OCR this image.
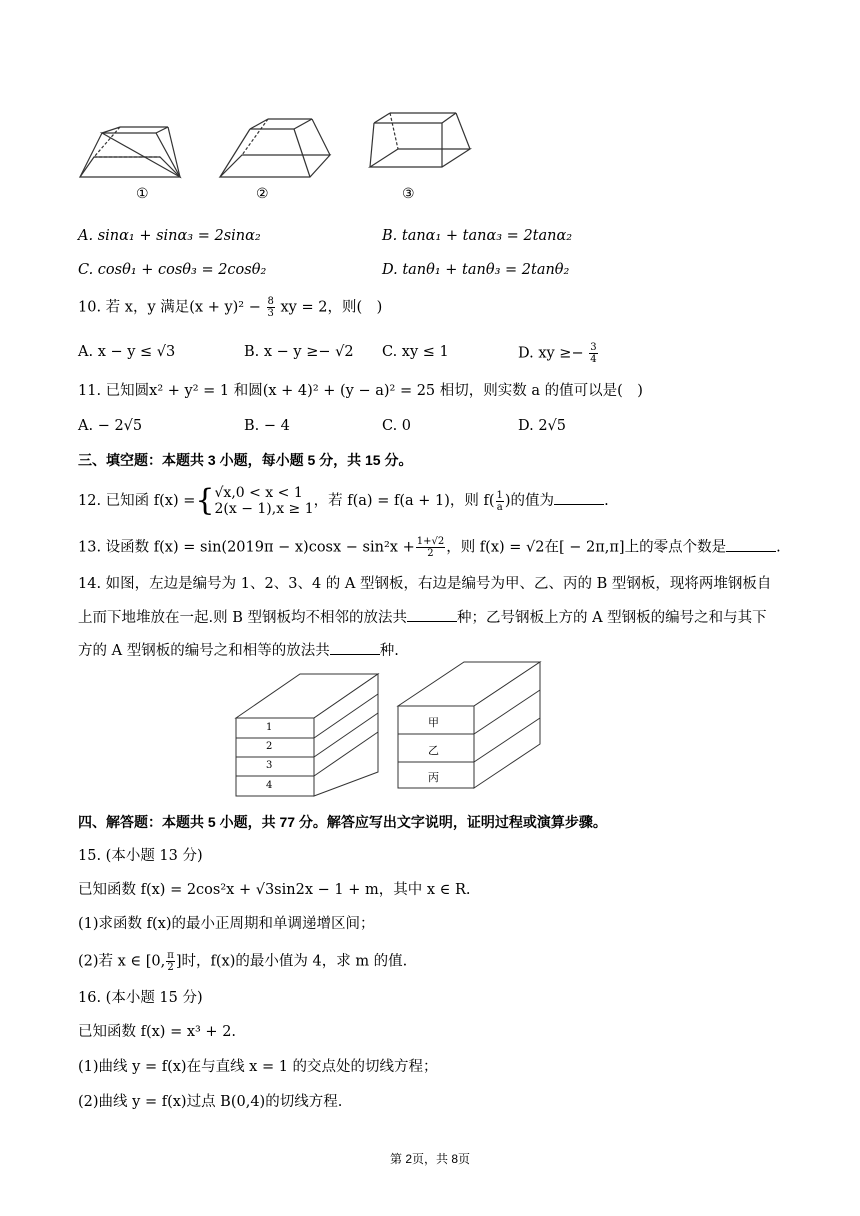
①	②	③
A. sinα₁ + sinα₃ = 2sinα₂	B. tanα₁ + tanα₃ = 2tanα₂
C. cosθ₁ + cosθ₃ = 2cosθ₂	D. tanθ₁ + tanθ₃ = 2tanθ₂
10. 若 x，y 满足$(x + y)^2 - \frac{8}{3}$ xy = 2，则(　)
A. x − y ≤ √3	B. x − y ≥− √2 C. xy ≤ 1	D. xy ≥− $\frac{3}{4}$
11. 已知圆x² + y² = 1 和圆(x + 4)² + (y − a)² = 25 相切，则实数 a 的值可以是(　)
A. − 2√5	B. − 4	C. 0	D. 2√5
三、填空题：本题共 3 小题，每小题 5 分，共 15 分。
12. 已知函 f(x) ={ √x,0 < x < 1
2(x − 1),x ≥ 1 ，若 f(a) = f(a + 1)，则 $f( \frac{1}{a}$ )的值为	.
13. 设函数 $f(x) = \sin(2019\pi - x)\cos x - \sin^2x + \frac{1+√2}{2}$ ，则 f(x) = √2在[ − 2π,π]上的零点个数是	.
14. 如图，左边是编号为 1、2、3、4 的 A 型钢板，右边是编号为甲、乙、丙的 B 型钢板，现将两堆钢板自
上而下地堆放在一起.则 B 型钢板均不相邻的放法共	种；乙号钢板上方的 A 型钢板的编号之和与其下
方的 A 型钢板的编号之和相等的放法共	种.
1
2
3
4
甲
乙
丙
四、解答题：本题共 5 小题，共 77 分。解答应写出文字说明，证明过程或演算步骤。
15. (本小题 13 分)
已知函数 f(x) = 2cos²x + √3sin2x − 1 + m，其中 x ∈ R.
(1)求函数 f(x)的最小正周期和单调递增区间；
(2)若 x ∈ [0, $\frac{\pi}{2}$ ]时，f(x)的最小值为 4，求 m 的值.
16. (本小题 15 分)
已知函数 f(x) = x³ + 2.
(1)曲线 y = f(x)在与直线 x = 1 的交点处的切线方程；
(2)曲线 y = f(x)过点 B(0,4)的切线方程.
第 2页，共 8页
